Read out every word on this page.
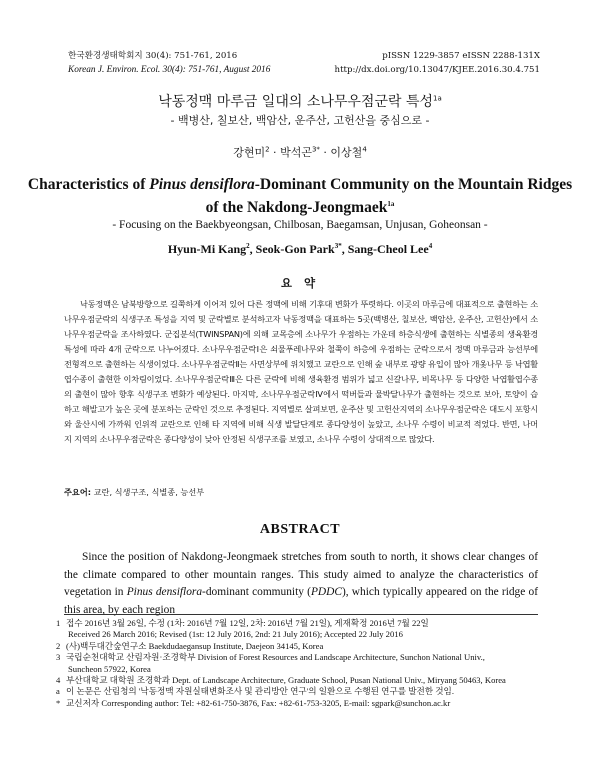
한국환경생태학회지 30(4): 751-761, 2016
Korean J. Environ. Ecol. 30(4): 751-761, August 2016
pISSN 1229-3857 eISSN 2288-131X
http://dx.doi.org/10.13047/KJEE.2016.30.4.751
낙동정맥 마루금 일대의 소나무우점군락 특성$^{1a}$
- 백병산, 칠보산, 백암산, 운주산, 고헌산을 중심으로 -
강현미$^2$ · 박석곤$^{3*}$ · 이상철$^4$
Characteristics of Pinus densiflora-Dominant Community on the Mountain Ridges
of the Nakdong-Jeongmaek$^{1a}$
- Focusing on the Baekbyeongsan, Chilbosan, Baegamsan, Unjusan, Goheonsan -
Hyun-Mi Kang$^2$, Seok-Gon Park$^{3*}$, Sang-Cheol Lee$^4$
요 약
낙동정맥은 남북방향으로 길쭉하게 이어져 있어 다른 정맥에 비해 기후대 변화가 뚜렷하다. 이곳의 마루금에 대표적으로 출현하는 소나무우점군락의 식생구조 특성을 지역 및 군락별로 분석하고자 낙동정맥을 대표하는 5곳(백병산, 칠보산, 백암산, 운주산, 고헌산)에서 소나무우점군락을 조사하였다. 군집분석(TWINSPAN)에 의해 교목층에 소나무가 우점하는 가운데 하층식생에 출현하는 식별종의 생육환경 특성에 따라 4개 군락으로 나누어졌다. 소나무우점군락Ⅰ은 쇠물푸레나무와 철쭉이 하층에 우점하는 군락으로서 정맥 마루금과 능선부에 전형적으로 출현하는 식생이었다. 소나무우점군락Ⅱ는 사면상부에 위치했고 교란으로 인해 숲 내부로 광량 유입이 많아 개옻나무 등 낙엽활엽수종이 출현한 이차림이었다. 소나무우점군락Ⅲ은 다른 군락에 비해 생육환경 범위가 넓고 신갈나무, 비목나무 등 다양한 낙엽활엽수종의 출현이 많아 향후 식생구조 변화가 예상된다. 마지막, 소나무우점군락Ⅳ에서 떡버들과 물박달나무가 출현하는 것으로 보아, 토양이 습하고 해발고가 높은 곳에 분포하는 군락인 것으로 추정된다. 지역별로 살펴보면, 운주산 및 고헌산지역의 소나무우점군락은 대도시 포항시와 울산시에 가까워 인위적 교란으로 인해 타 지역에 비해 식생 발달단계로 종다양성이 높았고, 소나무 수령이 비교적 적었다. 반면, 나머지 지역의 소나무우점군락은 종다양성이 낮아 안정된 식생구조를 보였고, 소나무 수령이 상대적으로 많았다.
주요어: 교란, 식생구조, 식별종, 능선부
ABSTRACT
Since the position of Nakdong-Jeongmaek stretches from south to north, it shows clear changes of the climate compared to other mountain ranges. This study aimed to analyze the characteristics of vegetation in Pinus densiflora-dominant community (PDDC), which typically appeared on the ridge of this area, by each region
1 접수 2016년 3월 26일, 수정 (1차: 2016년 7월 12일, 2차: 2016년 7월 21일), 게재확정 2016년 7월 22일
Received 26 March 2016; Revised (1st: 12 July 2016, 2nd: 21 July 2016); Accepted 22 July 2016
2 (사)백두대간숲연구소 Baekdudaegansup Institute, Daejeon 34145, Korea
3 국립순천대학교 산림자원·조경학부 Division of Forest Resources and Landscape Architecture, Sunchon National Univ.,
Suncheon 57922, Korea
4 부산대학교 대학원 조경학과 Dept. of Landscape Architecture, Graduate School, Pusan National Univ., Miryang 50463, Korea
a 이 논문은 산림청의 '낙동정맥 자원실태변화조사 및 관리방안 연구'의 일환으로 수행된 연구를 발전한 것임.
* 교신저자 Corresponding author: Tel: +82-61-750-3876, Fax: +82-61-753-3205, E-mail: sgpark@sunchon.ac.kr
